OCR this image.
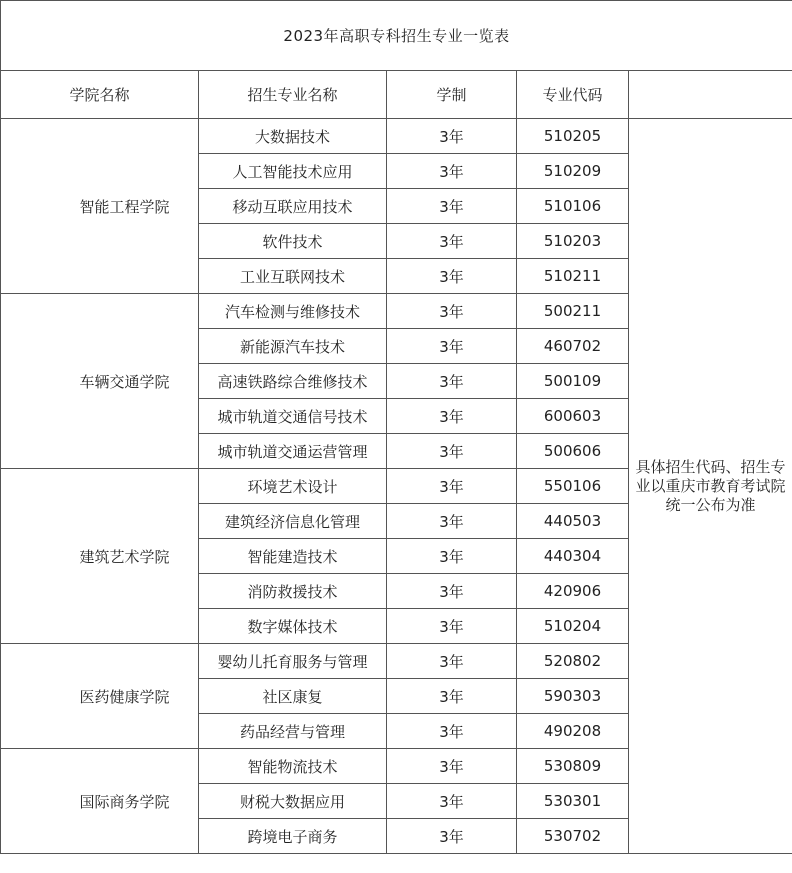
2023年高职专科招生专业一览表				
学院名称	招生专业名称	学制	专业代码	
智能工程学院	大数据技术	3年	510205	具体招生代码、招生专业以重庆市教育考试院统一公布为准
	人工智能技术应用	3年	510209	
	移动互联应用技术	3年	510106	
	软件技术	3年	510203	
	工业互联网技术	3年	510211	
车辆交通学院	汽车检测与维修技术	3年	500211	
	新能源汽车技术	3年	460702	
	高速铁路综合维修技术	3年	500109	
	城市轨道交通信号技术	3年	600603	
	城市轨道交通运营管理	3年	500606	
建筑艺术学院	环境艺术设计	3年	550106	
	建筑经济信息化管理	3年	440503	
	智能建造技术	3年	440304	
	消防救援技术	3年	420906	
	数字媒体技术	3年	510204	
医药健康学院	婴幼儿托育服务与管理	3年	520802	
	社区康复	3年	590303	
	药品经营与管理	3年	490208	
国际商务学院	智能物流技术	3年	530809	
	财税大数据应用	3年	530301	
	跨境电子商务	3年	530702	
